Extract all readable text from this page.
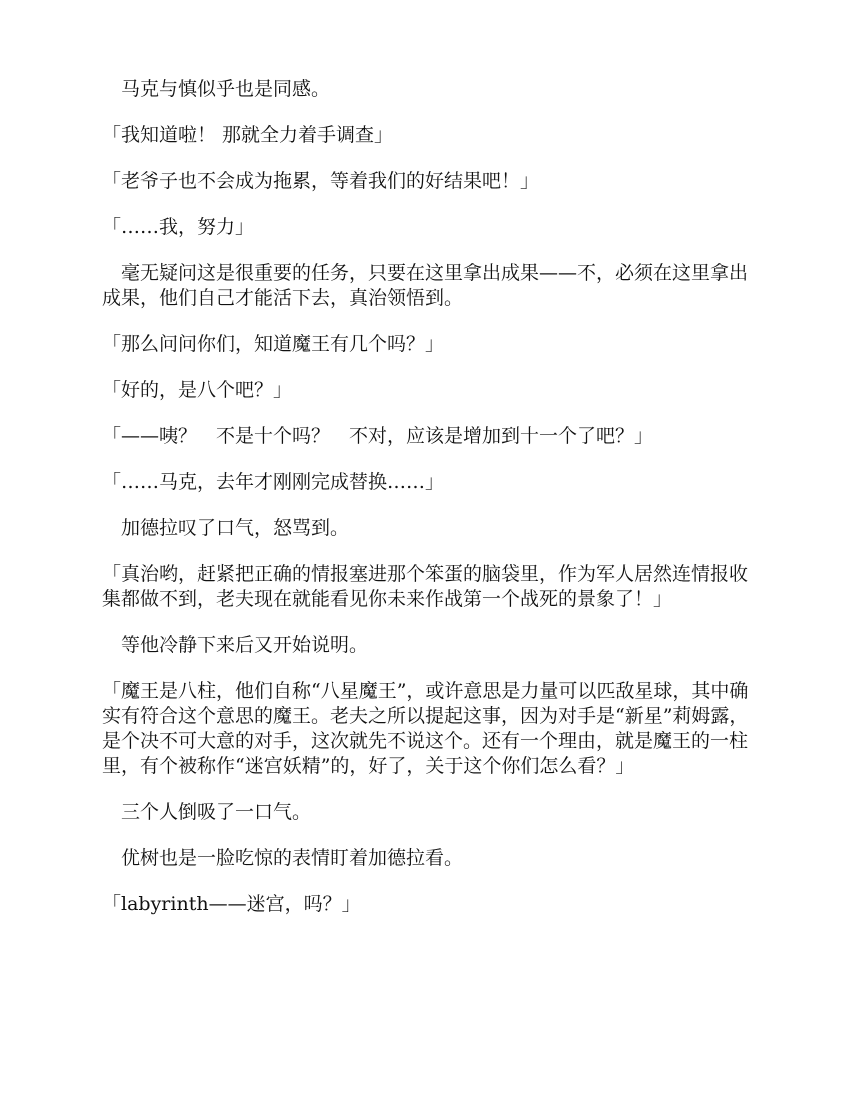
马克与慎似乎也是同感。

「我知道啦！ 那就全力着手调查」

「老爷子也不会成为拖累，等着我们的好结果吧！」

「……我，努力」

毫无疑问这是很重要的任务，只要在这里拿出成果——不，必须在这里拿出成果，他们自己才能活下去，真治领悟到。

「那么问问你们，知道魔王有几个吗？」

「好的，是八个吧？」

「——咦？　不是十个吗？　不对，应该是增加到十一个了吧？」

「……马克，去年才刚刚完成替换……」

加德拉叹了口气，怒骂到。

「真治哟，赶紧把正确的情报塞进那个笨蛋的脑袋里，作为军人居然连情报收集都做不到，老夫现在就能看见你未来作战第一个战死的景象了！」

等他冷静下来后又开始说明。

「魔王是八柱，他们自称“八星魔王”，或许意思是力量可以匹敌星球，其中确实有符合这个意思的魔王。老夫之所以提起这事，因为对手是“新星”莉姆露，是个决不可大意的对手，这次就先不说这个。还有一个理由，就是魔王的一柱里，有个被称作“迷宫妖精”的，好了，关于这个你们怎么看？」

三个人倒吸了一口气。

优树也是一脸吃惊的表情盯着加德拉看。

「labyrinth——迷宫，吗？」
